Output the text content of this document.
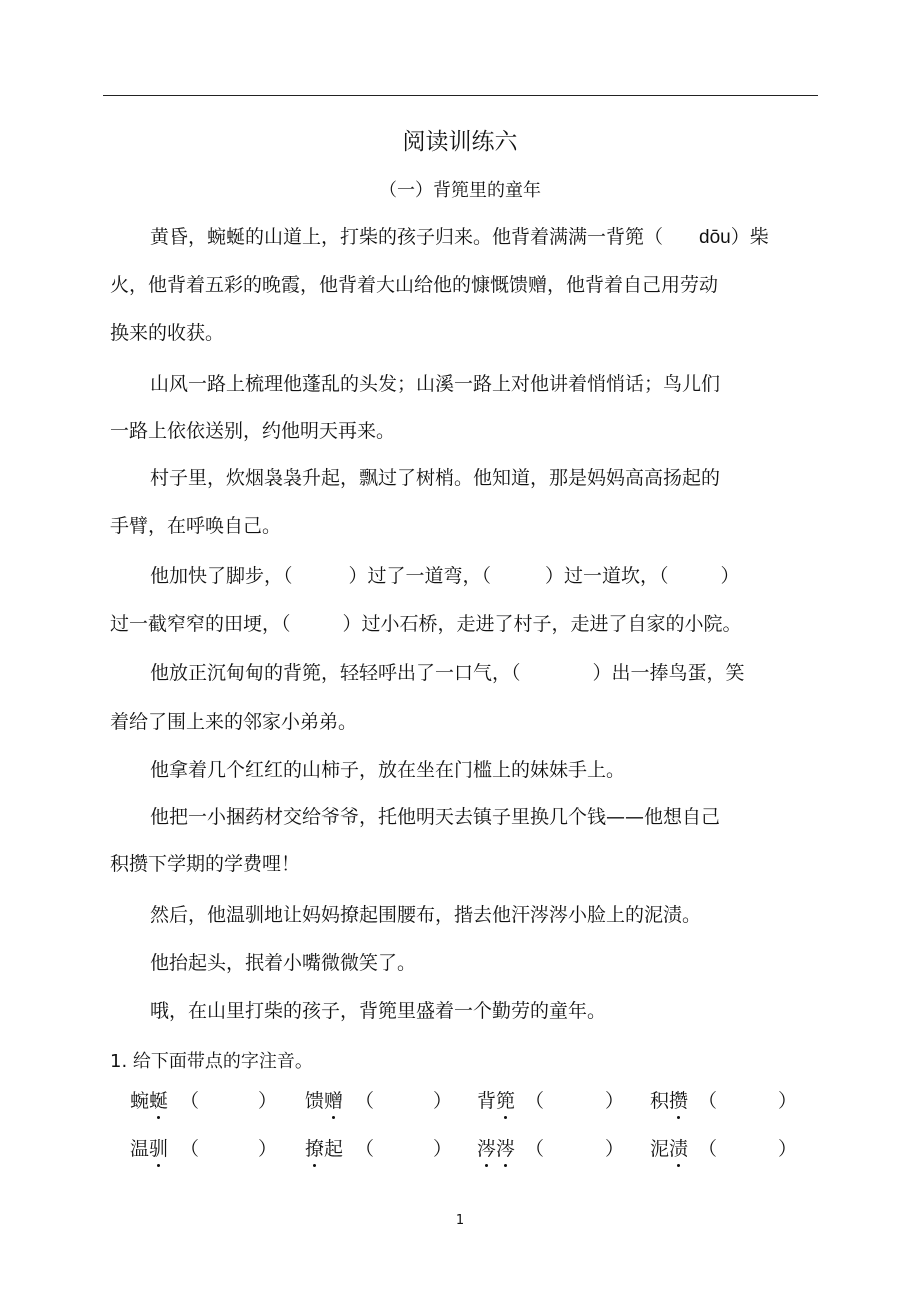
阅读训练六
（一）背篼里的童年
黄昏，蜿蜒的山道上，打柴的孩子归来。他背着满满一背篼（ dōu）柴
火，他背着五彩的晚霞，他背着大山给他的慷慨馈赠，他背着自己用劳动
换来的收获。
山风一路上梳理他蓬乱的头发；山溪一路上对他讲着悄悄话；鸟儿们
一路上依依送别，约他明天再来。
村子里，炊烟袅袅升起，飘过了树梢。他知道，那是妈妈高高扬起的
手臂，在呼唤自己。
他加快了脚步，（	）过了一道弯，（	）过一道坎，（	）
过一截窄窄的田埂，（	）过小石桥，走进了村子，走进了自家的小院。
他放正沉甸甸的背篼，轻轻呼出了一口气，（	）出一捧鸟蛋，笑
着给了围上来的邻家小弟弟。
他拿着几个红红的山柿子，放在坐在门槛上的妹妹手上。
他把一小捆药材交给爷爷，托他明天去镇子里换几个钱——他想自己
积攒下学期的学费哩！
然后，他温驯地让妈妈撩起围腰布，揩去他汗涔涔小脸上的泥渍。
他抬起头，抿着小嘴微微笑了。
哦，在山里打柴的孩子，背篼里盛着一个勤劳的童年。
1. 给下面带点的字注音。
蜿蜒 （	） 馈赠 （	） 背篼 （	） 积攒 （	）
温驯 （	） 撩起 （	） 涔涔 （	） 泥渍 （	）
1
